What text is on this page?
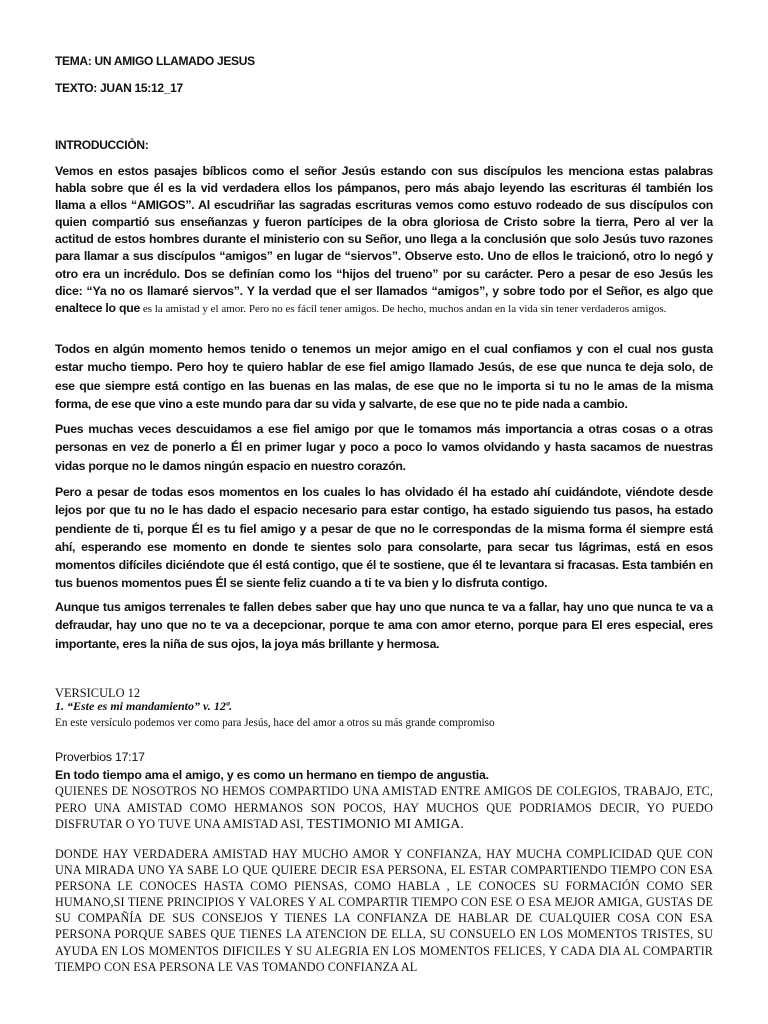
TEMA: UN AMIGO LLAMADO JESUS

TEXTO: JUAN 15:12_17

INTRODUCCIÒN:

Vemos en estos pasajes bíblicos como el señor Jesús estando con sus discípulos les menciona estas palabras habla sobre que él es la vid verdadera ellos los pámpanos, pero más abajo leyendo las escrituras él también los llama a ellos “AMIGOS”. Al escudriñar las sagradas escrituras vemos como estuvo rodeado de sus discípulos con quien compartió sus enseñanzas y fueron partícipes de la obra gloriosa de Cristo sobre la tierra, Pero al ver la actitud de estos hombres durante el ministerio con su Señor, uno llega a la conclusión que solo Jesús tuvo razones para llamar a sus discípulos “amigos” en lugar de “siervos”. Observe esto. Uno de ellos le traicionó, otro lo negó y otro era un incrédulo. Dos se definían como los “hijos del trueno” por su carácter. Pero a pesar de eso Jesús les dice: “Ya no os llamaré siervos”. Y la verdad que el ser llamados “amigos”, y sobre todo por el Señor, es algo que enaltece lo que es la amistad y el amor. Pero no es fácil tener amigos. De hecho, muchos andan en la vida sin tener verdaderos amigos.

Todos en algún momento hemos tenido o tenemos un mejor amigo en el cual confiamos y con el cual nos gusta estar mucho tiempo. Pero hoy te quiero hablar de ese fiel amigo llamado Jesús, de ese que nunca te deja solo, de ese que siempre está contigo en las buenas en las malas, de ese que no le importa si tu no le amas de la misma forma, de ese que vino a este mundo para dar su vida y salvarte, de ese que no te pide nada a cambio.

Pues muchas veces descuidamos a ese fiel amigo por que le tomamos más importancia a otras cosas o a otras personas en vez de ponerlo a Él en primer lugar y poco a poco lo vamos olvidando y hasta sacamos de nuestras vidas porque no le damos ningún espacio en nuestro corazón.

Pero a pesar de todas esos momentos en los cuales lo has olvidado él ha estado ahí cuidándote, viéndote desde lejos por que tu no le has dado el espacio necesario para estar contigo, ha estado siguiendo tus pasos, ha estado pendiente de ti, porque Él es tu fiel amigo y a pesar de que no le correspondas de la misma forma él siempre está ahí, esperando ese momento en donde te sientes solo para consolarte, para secar tus lágrimas, está en esos momentos difíciles diciéndote que él está contigo, que él te sostiene, que él te levantara si fracasas. Esta también en tus buenos momentos pues Él se siente feliz cuando a ti te va bien y lo disfruta contigo.

Aunque tus amigos terrenales te fallen debes saber que hay uno que nunca te va a fallar, hay uno que nunca te va a defraudar, hay uno que no te va a decepcionar, porque te ama con amor eterno, porque para El eres especial, eres importante, eres la niña de sus ojos, la joya más brillante y hermosa.

VERSICULO 12

1. “Este es mi mandamiento” v. 12ª.

En este versículo podemos ver como para Jesús, hace del amor a otros su más grande compromiso

Proverbios 17:17

En todo tiempo ama el amigo, y es como un hermano en tiempo de angustia.

QUIENES DE NOSOTROS NO HEMOS COMPARTIDO UNA AMISTAD ENTRE AMIGOS DE COLEGIOS, TRABAJO, ETC, PERO UNA AMISTAD COMO HERMANOS SON POCOS, HAY MUCHOS QUE PODRIAMOS DECIR, YO PUEDO DISFRUTAR O YO TUVE UNA AMISTAD ASI, TESTIMONIO MI AMIGA.

DONDE HAY VERDADERA AMISTAD HAY MUCHO AMOR Y CONFIANZA, HAY MUCHA COMPLICIDAD QUE CON UNA MIRADA UNO YA SABE LO QUE QUIERE DECIR ESA PERSONA, EL ESTAR COMPARTIENDO TIEMPO CON ESA PERSONA LE CONOCES HASTA COMO PIENSAS, COMO HABLA , LE CONOCES SU FORMACIÓN COMO SER HUMANO,SI TIENE PRINCIPIOS Y VALORES Y AL COMPARTIR TIEMPO CON ESE O ESA MEJOR AMIGA, GUSTAS DE SU COMPAÑÍA DE SUS CONSEJOS Y TIENES LA CONFIANZA DE HABLAR DE CUALQUIER COSA CON ESA PERSONA PORQUE SABES QUE TIENES LA ATENCION DE ELLA, SU CONSUELO EN LOS MOMENTOS TRISTES, SU AYUDA EN LOS MOMENTOS DIFICILES Y SU ALEGRIA EN LOS MOMENTOS FELICES, Y CADA DIA AL COMPARTIR TIEMPO CON ESA PERSONA LE VAS TOMANDO CONFIANZA AL
